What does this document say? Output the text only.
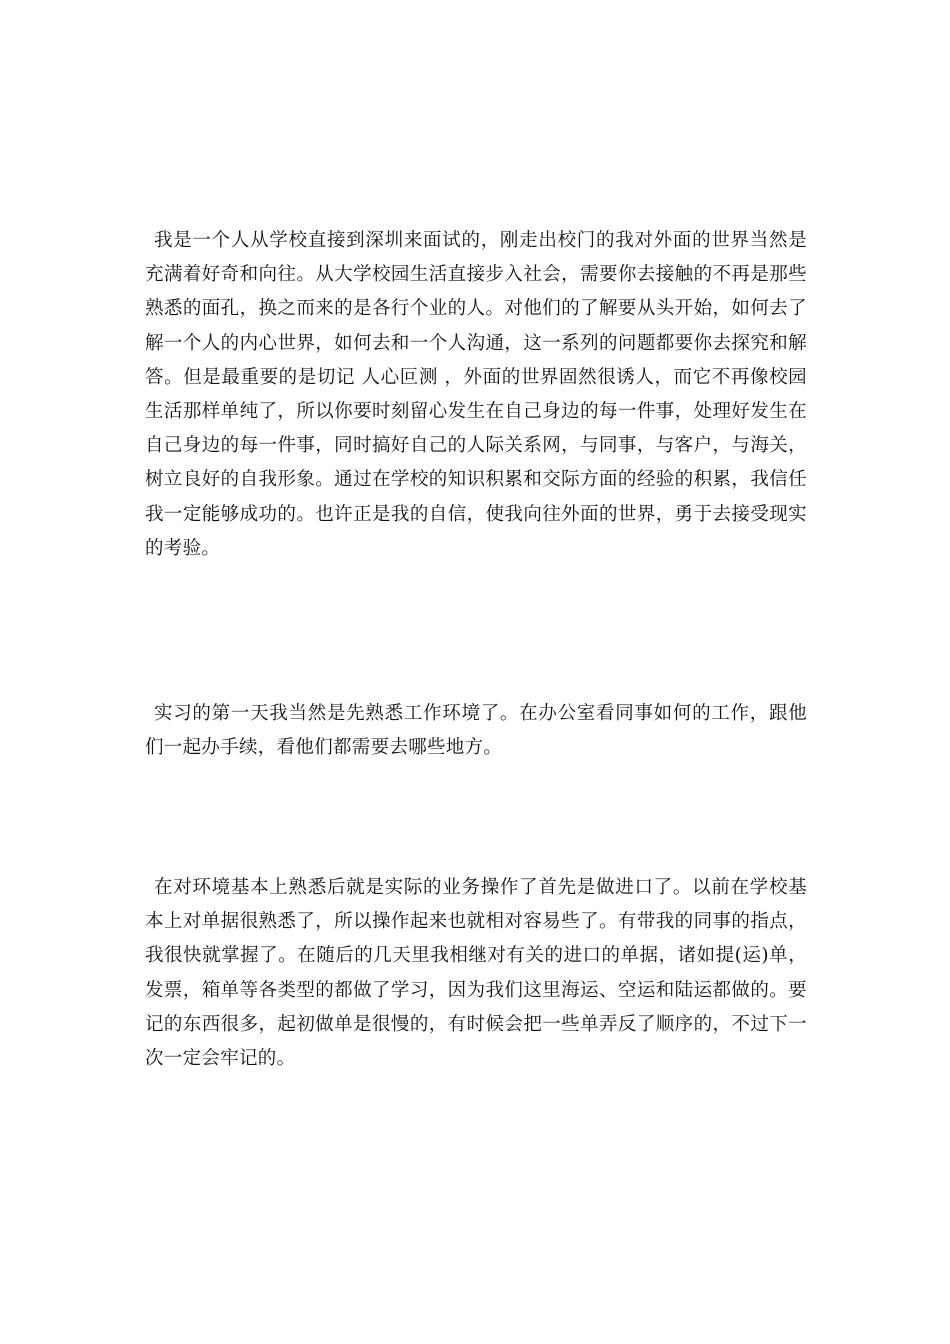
我是一个人从学校直接到深圳来面试的，刚走出校门的我对外面的世界当然是充满着好奇和向往。从大学校园生活直接步入社会，需要你去接触的不再是那些熟悉的面孔，换之而来的是各行个业的人。对他们的了解要从头开始，如何去了解一个人的内心世界，如何去和一个人沟通，这一系列的问题都要你去探究和解答。但是最重要的是切记 人心叵测 ，外面的世界固然很诱人，而它不再像校园生活那样单纯了，所以你要时刻留心发生在自己身边的每一件事，处理好发生在自己身边的每一件事，同时搞好自己的人际关系网，与同事，与客户，与海关，树立良好的自我形象。通过在学校的知识积累和交际方面的经验的积累，我信任我一定能够成功的。也许正是我的自信，使我向往外面的世界，勇于去接受现实的考验。

实习的第一天我当然是先熟悉工作环境了。在办公室看同事如何的工作，跟他们一起办手续，看他们都需要去哪些地方。

在对环境基本上熟悉后就是实际的业务操作了首先是做进口了。以前在学校基本上对单据很熟悉了，所以操作起来也就相对容易些了。有带我的同事的指点，我很快就掌握了。在随后的几天里我相继对有关的进口的单据，诸如提(运)单，发票，箱单等各类型的都做了学习，因为我们这里海运、空运和陆运都做的。要记的东西很多，起初做单是很慢的，有时候会把一些单弄反了顺序的，不过下一次一定会牢记的。
